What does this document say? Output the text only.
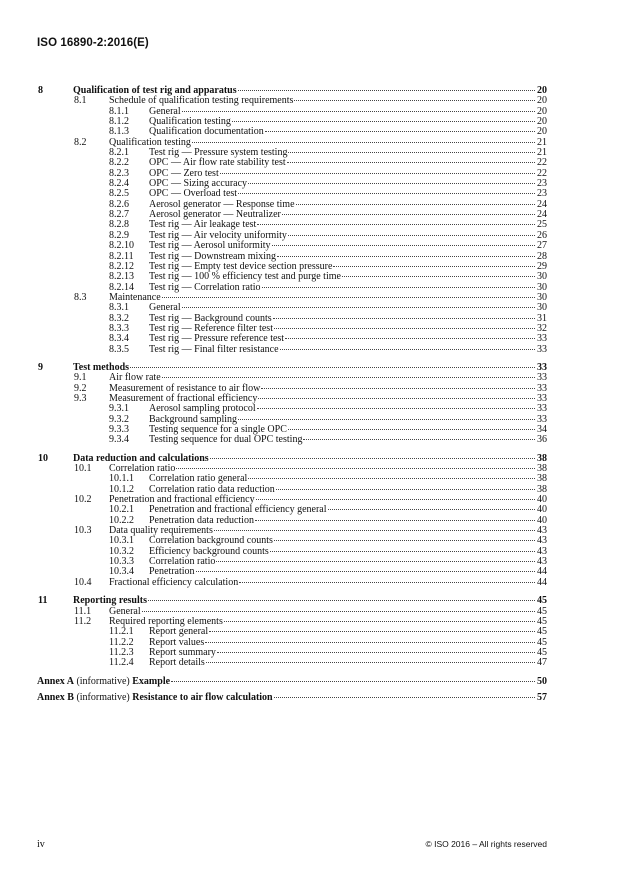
ISO 16890-2:2016(E)
8	Qualification of test rig and apparatus	20
8.1 Schedule of qualification testing requirements	20
8.1.1 General	20
8.1.2 Qualification testing	20
8.1.3 Qualification documentation	20
8.2 Qualification testing	21
8.2.1 Test rig — Pressure system testing	21
8.2.2 OPC — Air flow rate stability test	22
8.2.3 OPC — Zero test	22
8.2.4 OPC — Sizing accuracy	23
8.2.5 OPC — Overload test	23
8.2.6 Aerosol generator — Response time	24
8.2.7 Aerosol generator — Neutralizer	24
8.2.8 Test rig — Air leakage test	25
8.2.9 Test rig — Air velocity uniformity	26
8.2.10 Test rig — Aerosol uniformity	27
8.2.11 Test rig — Downstream mixing	28
8.2.12 Test rig — Empty test device section pressure	29
8.2.13 Test rig — 100 % efficiency test and purge time	30
8.2.14 Test rig — Correlation ratio	30
8.3 Maintenance	30
8.3.1 General	30
8.3.2 Test rig — Background counts	31
8.3.3 Test rig — Reference filter test	32
8.3.4 Test rig — Pressure reference test	33
8.3.5 Test rig — Final filter resistance	33
9	Test methods	33
9.1 Air flow rate	33
9.2 Measurement of resistance to air flow	33
9.3 Measurement of fractional efficiency	33
9.3.1 Aerosol sampling protocol	33
9.3.2 Background sampling	33
9.3.3 Testing sequence for a single OPC	34
9.3.4 Testing sequence for dual OPC testing	36
10	Data reduction and calculations	38
10.1 Correlation ratio	38
10.1.1 Correlation ratio general	38
10.1.2 Correlation ratio data reduction	38
10.2 Penetration and fractional efficiency	40
10.2.1 Penetration and fractional efficiency general	40
10.2.2 Penetration data reduction	40
10.3 Data quality requirements	43
10.3.1 Correlation background counts	43
10.3.2 Efficiency background counts	43
10.3.3 Correlation ratio	43
10.3.4 Penetration	44
10.4 Fractional efficiency calculation	44
11	Reporting results	45
11.1 General	45
11.2 Required reporting elements	45
11.2.1 Report general	45
11.2.2 Report values	45
11.2.3 Report summary	45
11.2.4 Report details	47
Annex A (informative) Example	50
Annex B (informative) Resistance to air flow calculation	57
iv	© ISO 2016 – All rights reserved
